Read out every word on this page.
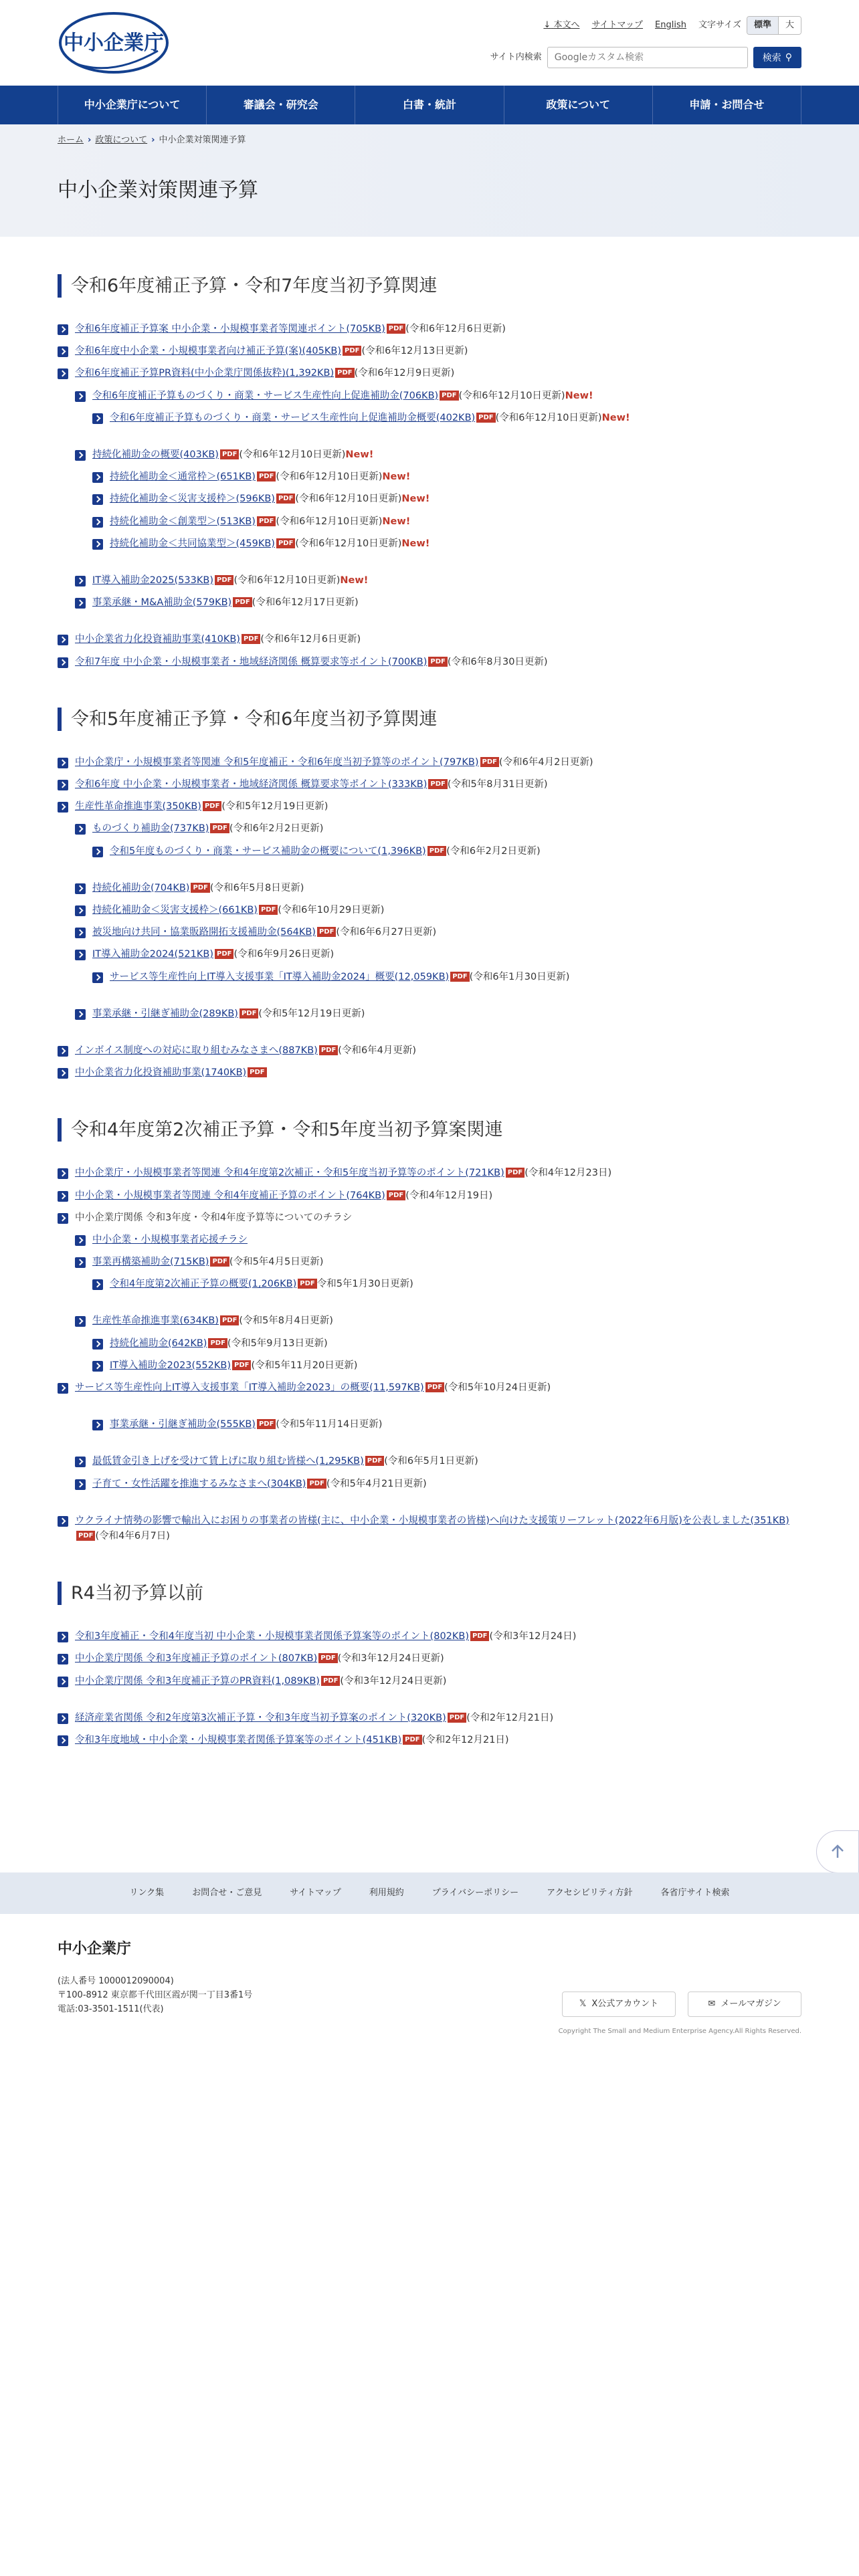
中小企業庁
↓ 本文へ サイトマップ English 文字サイズ	標準	大
サイト内検索
Googleカスタム検索	検索 ⚲
中小企業庁について	審議会・研究会	白書・統計	政策について	申請・お問合せ
ホーム › 政策について › 中小企業対策関連予算
中小企業対策関連予算
令和6年度補正予算・令和7年度当初予算関連
令和6年度補正予算案 中小企業・小規模事業者等関連ポイント(705KB) PDF (令和6年12月6日更新)
令和6年度中小企業・小規模事業者向け補正予算(案)(405KB) PDF (令和6年12月13日更新)
令和6年度補正予算PR資料(中小企業庁関係抜粋)(1,392KB) PDF (令和6年12月9日更新)
令和6年度補正予算ものづくり・商業・サービス生産性向上促進補助金(706KB) PDF (令和6年12月10日更新)New!
令和6年度補正予算ものづくり・商業・サービス生産性向上促進補助金概要(402KB) PDF (令和6年12月10日更新)New!
持続化補助金の概要(403KB) PDF (令和6年12月10日更新)New!
持続化補助金＜通常枠＞(651KB) PDF (令和6年12月10日更新)New!
持続化補助金＜災害支援枠＞(596KB) PDF (令和6年12月10日更新)New!
持続化補助金＜創業型＞(513KB) PDF (令和6年12月10日更新)New!
持続化補助金＜共同協業型＞(459KB) PDF (令和6年12月10日更新)New!
IT導入補助金2025(533KB) PDF (令和6年12月10日更新)New!
事業承継・M&A補助金(579KB) PDF (令和6年12月17日更新)
中小企業省力化投資補助事業(410KB) PDF (令和6年12月6日更新)
令和7年度 中小企業・小規模事業者・地域経済関係 概算要求等ポイント(700KB) PDF (令和6年8月30日更新)
令和5年度補正予算・令和6年度当初予算関連
中小企業庁・小規模事業者等関連 令和5年度補正・令和6年度当初予算等のポイント(797KB) PDF (令和6年4月2日更新)
令和6年度 中小企業・小規模事業者・地域経済関係 概算要求等ポイント(333KB) PDF (令和5年8月31日更新)
生産性革命推進事業(350KB) PDF (令和5年12月19日更新)
ものづくり補助金(737KB) PDF (令和6年2月2日更新)
令和5年度ものづくり・商業・サービス補助金の概要について(1,396KB) PDF (令和6年2月2日更新)
持続化補助金(704KB) PDF (令和6年5月8日更新)
持続化補助金＜災害支援枠＞(661KB) PDF (令和6年10月29日更新)
被災地向け共同・協業販路開拓支援補助金(564KB) PDF (令和6年6月27日更新)
IT導入補助金2024(521KB) PDF (令和6年9月26日更新)
サービス等生産性向上IT導入支援事業「IT導入補助金2024」概要(12,059KB) PDF (令和6年1月30日更新)
事業承継・引継ぎ補助金(289KB) PDF (令和5年12月19日更新)
インボイス制度への対応に取り組むみなさまへ(887KB) PDF (令和6年4月更新)
中小企業省力化投資補助事業(1740KB) PDF
令和4年度第2次補正予算・令和5年度当初予算案関連
中小企業庁・小規模事業者等関連 令和4年度第2次補正・令和5年度当初予算等のポイント(721KB) PDF (令和4年12月23日)
中小企業・小規模事業者等関連 令和4年度補正予算のポイント(764KB) PDF (令和4年12月19日)
中小企業庁関係 令和3年度・令和4年度予算等についてのチラシ
中小企業・小規模事業者応援チラシ
事業再構築補助金(715KB) PDF (令和5年4月5日更新)
令和4年度第2次補正予算の概要(1,206KB) PDF 令和5年1月30日更新)
生産性革命推進事業(634KB) PDF (令和5年8月4日更新)
持続化補助金(642KB) PDF (令和5年9月13日更新)
IT導入補助金2023(552KB) PDF (令和5年11月20日更新)
サービス等生産性向上IT導入支援事業「IT導入補助金2023」の概要(11,597KB) PDF (令和5年10月24日更新)
事業承継・引継ぎ補助金(555KB) PDF (令和5年11月14日更新)
最低賃金引き上げを受けて賃上げに取り組む皆様へ(1,295KB) PDF (令和6年5月1日更新)
子育て・女性活躍を推進するみなさまへ(304KB) PDF (令和5年4月21日更新)
ウクライナ情勢の影響で輸出入にお困りの事業者の皆様(主に、中小企業・小規模事業者の皆様)へ向けた支援策リーフレット(2022年6月版)を公表しました(351KB)PDF (令和4年6月7日)
R4当初予算以前
令和3年度補正・令和4年度当初 中小企業・小規模事業者関係予算案等のポイント(802KB) PDF (令和3年12月24日)
中小企業庁関係 令和3年度補正予算のポイント(807KB) PDF (令和3年12月24日更新)
中小企業庁関係 令和3年度補正予算のPR資料(1,089KB) PDF (令和3年12月24日更新)
経済産業省関係 令和2年度第3次補正予算・令和3年度当初予算案のポイント(320KB) PDF (令和2年12月21日)
令和3年度地域・中小企業・小規模事業者関係予算案等のポイント(451KB) PDF (令和2年12月21日)
リンク集	お問合せ・ご意見	サイトマップ	利用規約	プライバシーポリシー	アクセシビリティ方針	各省庁サイト検索
中小企業庁

(法人番号 1000012090004)

〒100-8912 東京都千代田区霞が関一丁目3番1号

電話:03-3501-1511(代表)	𝕏 X公式アカウント	✉ メールマガジン
Copyright The Small and Medium Enterprise Agency.All Rights Reserved.
